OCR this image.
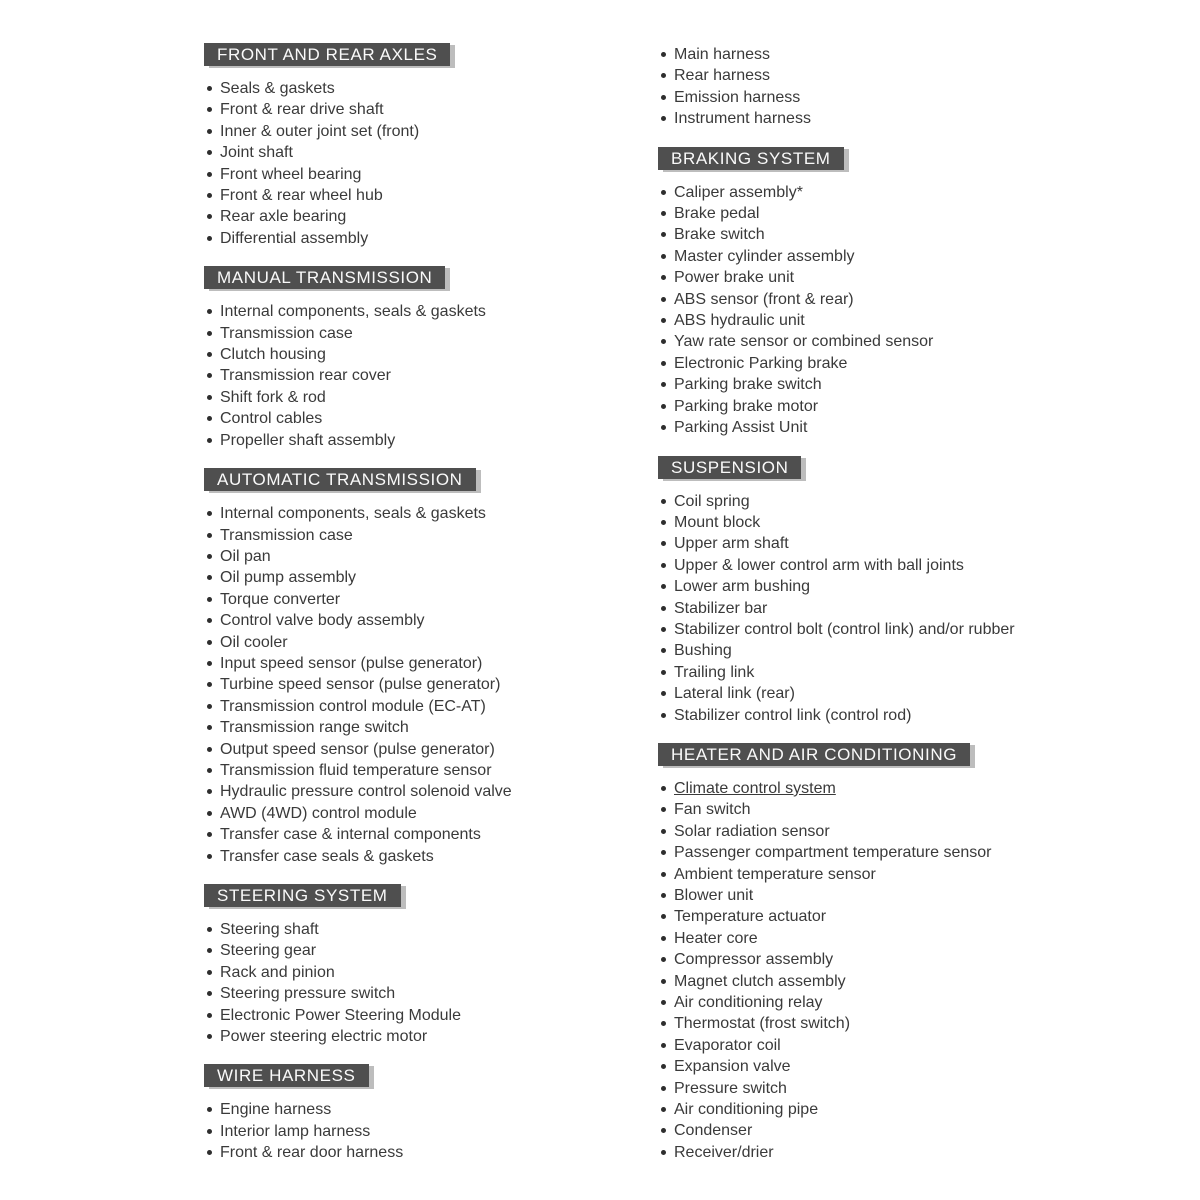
FRONT AND REAR AXLES
Seals & gaskets
Front & rear drive shaft
Inner & outer joint set (front)
Joint shaft
Front wheel bearing
Front & rear wheel hub
Rear axle bearing
Differential assembly
MANUAL TRANSMISSION
Internal components, seals & gaskets
Transmission case
Clutch housing
Transmission rear cover
Shift fork & rod
Control cables
Propeller shaft assembly
AUTOMATIC TRANSMISSION
Internal components, seals & gaskets
Transmission case
Oil pan
Oil pump assembly
Torque converter
Control valve body assembly
Oil cooler
Input speed sensor (pulse generator)
Turbine speed sensor (pulse generator)
Transmission control module (EC-AT)
Transmission range switch
Output speed sensor (pulse generator)
Transmission fluid temperature sensor
Hydraulic pressure control solenoid valve
AWD (4WD) control module
Transfer case & internal components
Transfer case seals & gaskets
STEERING SYSTEM
Steering shaft
Steering gear
Rack and pinion
Steering pressure switch
Electronic Power Steering Module
Power steering electric motor
WIRE HARNESS
Engine harness
Interior lamp harness
Front & rear door harness
Main harness
Rear harness
Emission harness
Instrument harness
BRAKING SYSTEM
Caliper assembly*
Brake pedal
Brake switch
Master cylinder assembly
Power brake unit
ABS sensor (front & rear)
ABS hydraulic unit
Yaw rate sensor or combined sensor
Electronic Parking brake
Parking brake switch
Parking brake motor
Parking Assist Unit
SUSPENSION
Coil spring
Mount block
Upper arm shaft
Upper & lower control arm with ball joints
Lower arm bushing
Stabilizer bar
Stabilizer control bolt (control link) and/or rubber
Bushing
Trailing link
Lateral link (rear)
Stabilizer control link (control rod)
HEATER AND AIR CONDITIONING
Climate control system
Fan switch
Solar radiation sensor
Passenger compartment temperature sensor
Ambient temperature sensor
Blower unit
Temperature actuator
Heater core
Compressor assembly
Magnet clutch assembly
Air conditioning relay
Thermostat (frost switch)
Evaporator coil
Expansion valve
Pressure switch
Air conditioning pipe
Condenser
Receiver/drier
